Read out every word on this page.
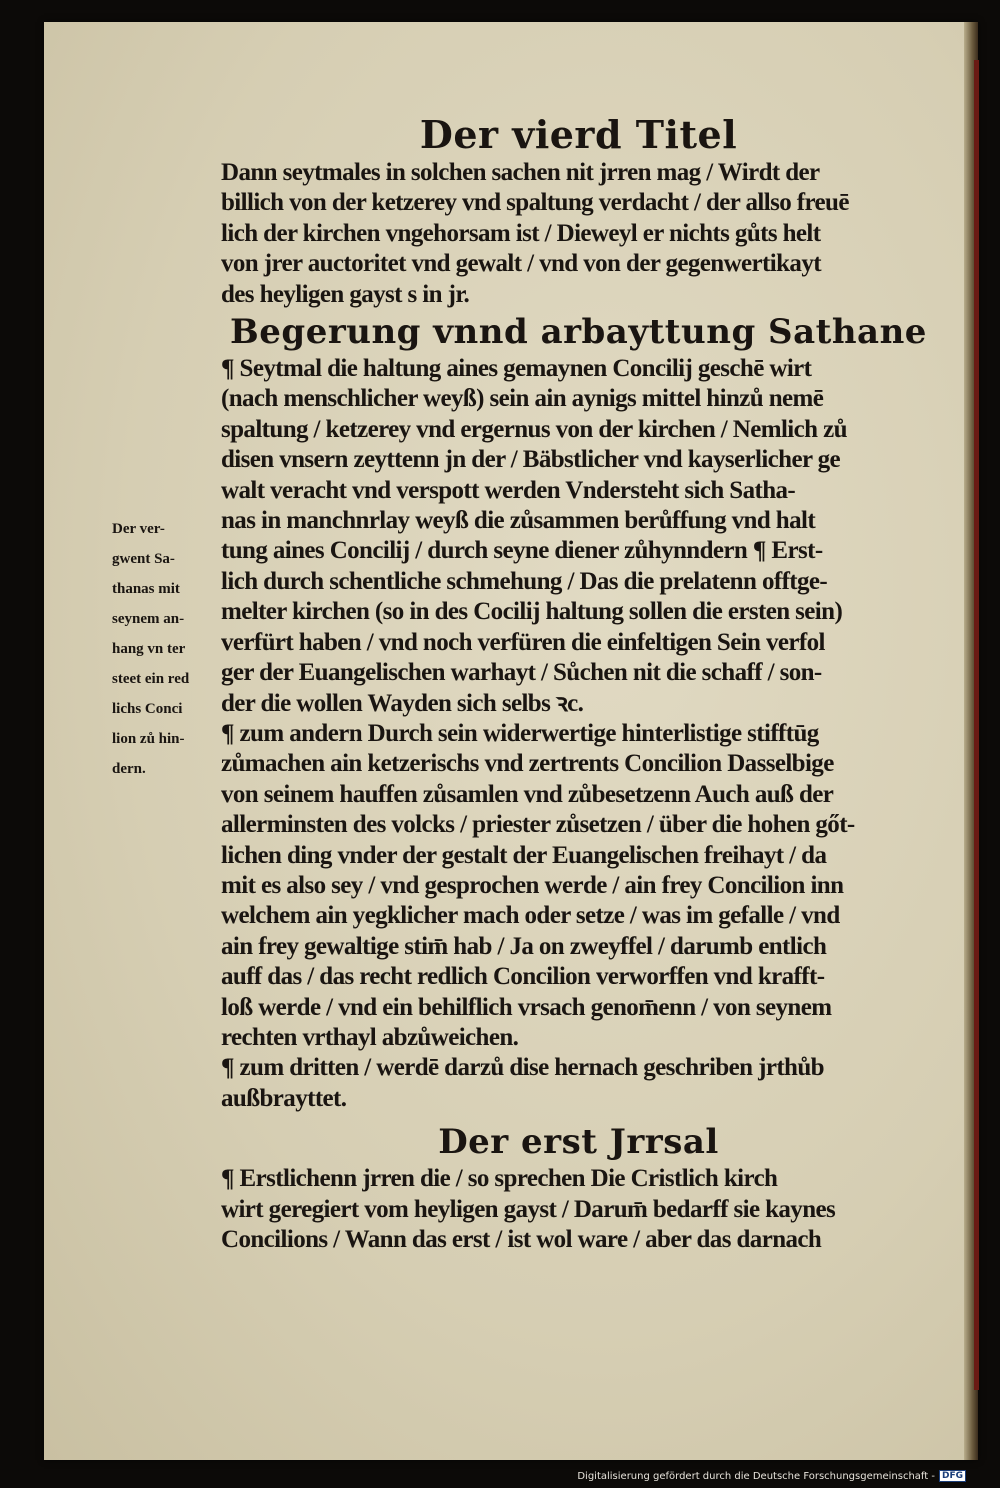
Der ver-
gwent Sa-
thanas mit
seynem an-
hang vn ter
steet ein red
lichs Conci
lion zů hin-
dern.
Der vierd Titel
Dann seytmales in solchen sachen nit jrren mag / Wirdt der
billich von der ketzerey vnd spaltung verdacht / der allso freuē
lich der kirchen vngehorsam ist / Dieweyl er nichts gůts helt
von jrer auctoritet vnd gewalt / vnd von der gegenwertikayt
des heyligen gayst s in jr.
Begerung vnnd arbayttung Sathane
¶ Seytmal die haltung aines gemaynen Concilij geschē wirt
(nach menschlicher weyß) sein ain aynigs mittel hinzů nemē
spaltung / ketzerey vnd ergernus von der kirchen / Nemlich zů
disen vnsern zeyttenn jn der / Bäbstlicher vnd kayserlicher ge
walt veracht vnd verspott werden Vndersteht sich Satha-
nas in manchnrlay weyß die zůsammen berůffung vnd halt
tung aines Concilij / durch seyne diener zůhynndern ¶ Erst-
lich durch schentliche schmehung / Das die prelatenn offtge-
melter kirchen (so in des Cocilij haltung sollen die ersten sein)
verfürt haben / vnd noch verfüren die einfeltigen Sein verfol
ger der Euangelischen warhayt / Sůchen nit die schaff / son-
der die wollen Wayden sich selbs ꝛc.
¶ zum andern Durch sein widerwertige hinterlistige stifftūg
zůmachen ain ketzerischs vnd zertrents Concilion Dasselbige
von seinem hauffen zůsamlen vnd zůbesetzenn Auch auß der
allerminsten des volcks / priester zůsetzen / über die hohen gőt-
lichen ding vnder der gestalt der Euangelischen freihayt / da
mit es also sey / vnd gesprochen werde / ain frey Concilion inn
welchem ain yegklicher mach oder setze / was im gefalle / vnd
ain frey gewaltige stim̄ hab / Ja on zweyffel / darumb entlich
auff das / das recht redlich Concilion verworffen vnd krafft-
loß werde / vnd ein behilflich vrsach genom̄enn / von seynem
rechten vrthayl abzůweichen.
¶ zum dritten / werdē darzů dise hernach geschriben jrthůb
außbrayttet.
Der erst Jrrsal
¶ Erstlichenn jrren die / so sprechen Die Cristlich kirch
wirt geregiert vom heyligen gayst / Darum̄ bedarff sie kaynes
Concilions / Wann das erst / ist wol ware / aber das darnach
Digitalisierung gefördert durch die Deutsche Forschungsgemeinschaft - DFG
